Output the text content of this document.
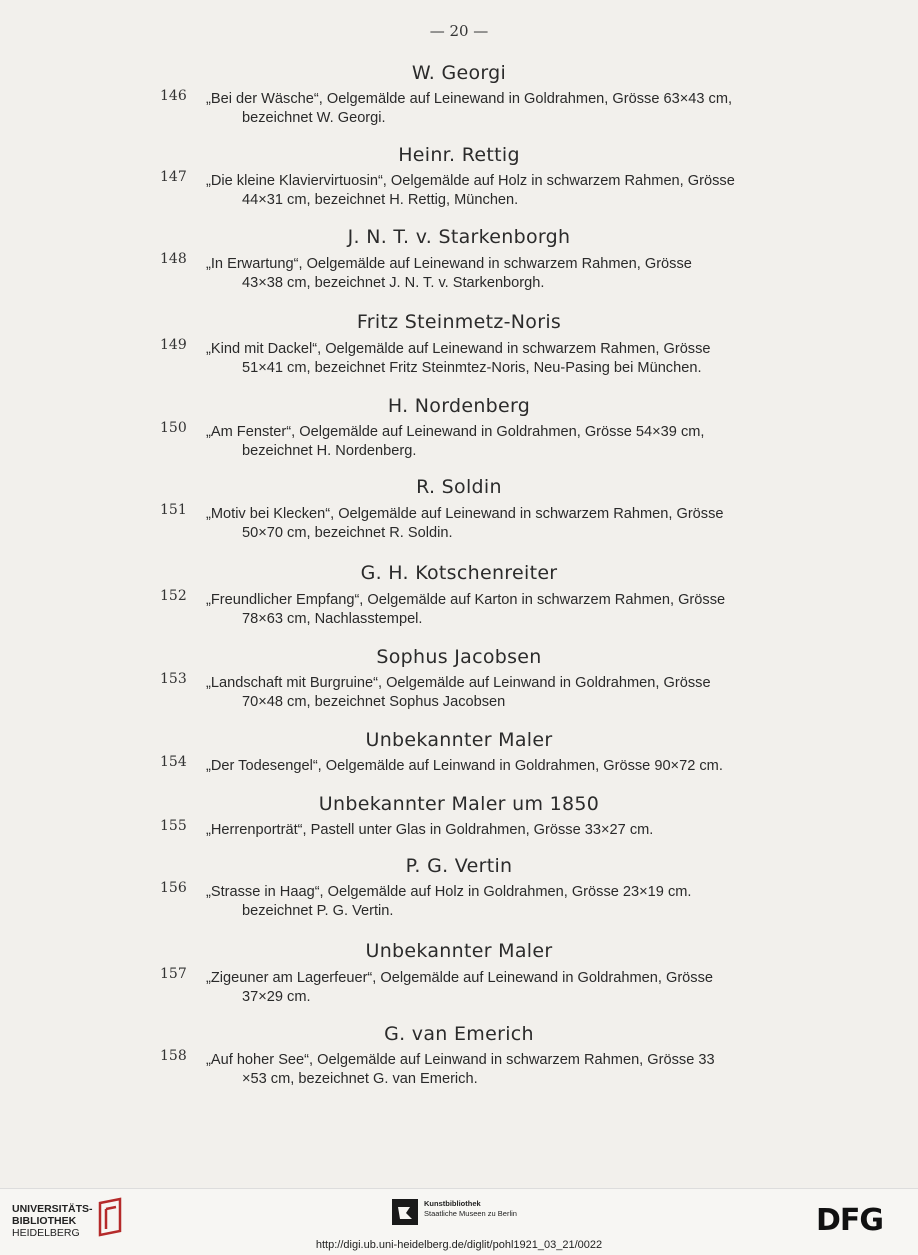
— 20 —
W. Georgi
146 „Bei der Wäsche“, Oelgemälde auf Leinewand in Goldrahmen, Grösse 63×43 cm,
bezeichnet W. Georgi.
Heinr. Rettig
147 „Die kleine Klaviervirtuosin“, Oelgemälde auf Holz in schwarzem Rahmen, Grösse
44×31 cm, bezeichnet H. Rettig, München.
J. N. T. v. Starkenborgh
148 „In Erwartung“, Oelgemälde auf Leinewand in schwarzem Rahmen, Grösse
43×38 cm, bezeichnet J. N. T. v. Starkenborgh.
Fritz Steinmetz-Noris
149 „Kind mit Dackel“, Oelgemälde auf Leinewand in schwarzem Rahmen, Grösse
51×41 cm, bezeichnet Fritz Steinmtez-Noris, Neu-Pasing bei München.
H. Nordenberg
150 „Am Fenster“, Oelgemälde auf Leinewand in Goldrahmen, Grösse 54×39 cm,
bezeichnet H. Nordenberg.
R. Soldin
151 „Motiv bei Klecken“, Oelgemälde auf Leinewand in schwarzem Rahmen, Grösse
50×70 cm, bezeichnet R. Soldin.
G. H. Kotschenreiter
152 „Freundlicher Empfang“, Oelgemälde auf Karton in schwarzem Rahmen, Grösse
78×63 cm, Nachlasstempel.
Sophus Jacobsen
153 „Landschaft mit Burgruine“, Oelgemälde auf Leinwand in Goldrahmen, Grösse
70×48 cm, bezeichnet Sophus Jacobsen
Unbekannter Maler
154 „Der Todesengel“, Oelgemälde auf Leinwand in Goldrahmen, Grösse 90×72 cm.
Unbekannter Maler um 1850
155 „Herrenporträt“, Pastell unter Glas in Goldrahmen, Grösse 33×27 cm.
P. G. Vertin
156 „Strasse in Haag“, Oelgemälde auf Holz in Goldrahmen, Grösse 23×19 cm.
bezeichnet P. G. Vertin.
Unbekannter Maler
157 „Zigeuner am Lagerfeuer“, Oelgemälde auf Leinewand in Goldrahmen, Grösse
37×29 cm.
G. van Emerich
158 „Auf hoher See“, Oelgemälde auf Leinwand in schwarzem Rahmen, Grösse 33
×53 cm, bezeichnet G. van Emerich.
UNIVERSITÄTS-
BIBLIOTHEK
HEIDELBERG
Kunstbibliothek
Staatliche Museen zu Berlin	DFG
http://digi.ub.uni-heidelberg.de/diglit/pohl1921_03_21/0022
